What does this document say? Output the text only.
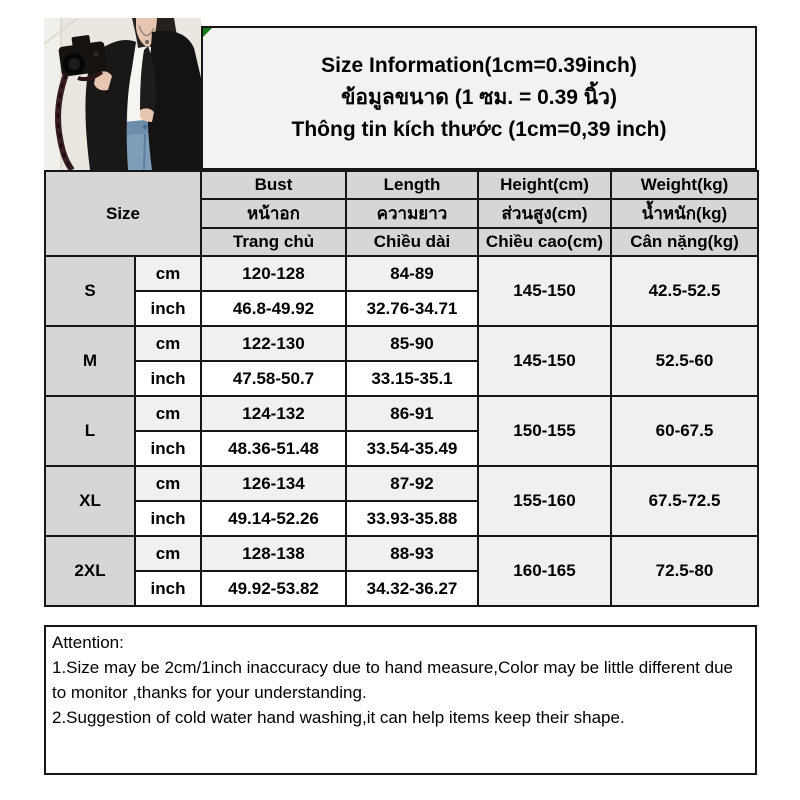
Size Information(1cm=0.39inch)
ข้อมูลขนาด (1 ซม. = 0.39 นิ้ว)
Thông tin kích thước (1cm=0,39 inch)
Size		Bust	Length	Height(cm)	Weight(kg)
		หน้าอก	ความยาว	ส่วนสูง(cm)	น้ำหนัก(kg)
		Trang chủ	Chiều dài	Chiều cao(cm)	Cân nặng(kg)
S	cm	120-128	84-89	145-150	42.5-52.5
	inch	46.8-49.92	32.76-34.71		
M	cm	122-130	85-90	145-150	52.5-60
	inch	47.58-50.7	33.15-35.1		
L	cm	124-132	86-91	150-155	60-67.5
	inch	48.36-51.48	33.54-35.49		
XL	cm	126-134	87-92	155-160	67.5-72.5
	inch	49.14-52.26	33.93-35.88		
2XL	cm	128-138	88-93	160-165	72.5-80
	inch	49.92-53.82	34.32-36.27		

Attention:

1.Size may be 2cm/1inch inaccuracy due to hand measure,Color may be little different due to monitor ,thanks for your understanding.

2.Suggestion of cold water hand washing,it can help items keep their shape.
